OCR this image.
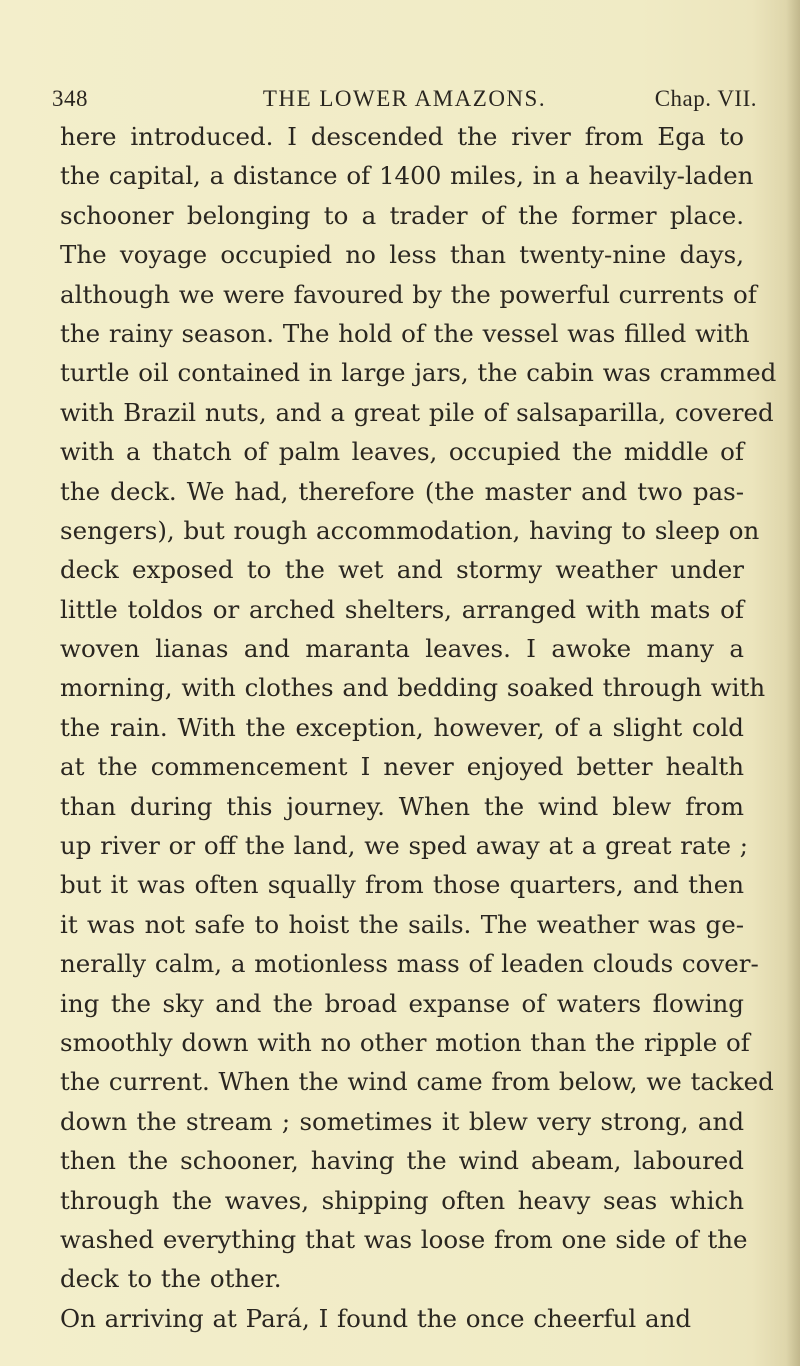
348	THE LOWER AMAZONS.	Chap. VII.
here introduced. I descended the river from Ega to
the capital, a distance of 1400 miles, in a heavily-laden
schooner belonging to a trader of the former place.
The voyage occupied no less than twenty-nine days,
although we were favoured by the powerful currents of
the rainy season. The hold of the vessel was filled with
turtle oil contained in large jars, the cabin was crammed
with Brazil nuts, and a great pile of salsaparilla, covered
with a thatch of palm leaves, occupied the middle of
the deck. We had, therefore (the master and two pas-
sengers), but rough accommodation, having to sleep on
deck exposed to the wet and stormy weather under
little toldos or arched shelters, arranged with mats of
woven lianas and maranta leaves. I awoke many a
morning, with clothes and bedding soaked through with
the rain. With the exception, however, of a slight cold
at the commencement I never enjoyed better health
than during this journey. When the wind blew from
up river or off the land, we sped away at a great rate ;
but it was often squally from those quarters, and then
it was not safe to hoist the sails. The weather was ge-
nerally calm, a motionless mass of leaden clouds cover-
ing the sky and the broad expanse of waters flowing
smoothly down with no other motion than the ripple of
the current. When the wind came from below, we tacked
down the stream ; sometimes it blew very strong, and
then the schooner, having the wind abeam, laboured
through the waves, shipping often heavy seas which
washed everything that was loose from one side of the
deck to the other.
On arriving at Pará, I found the once cheerful and
